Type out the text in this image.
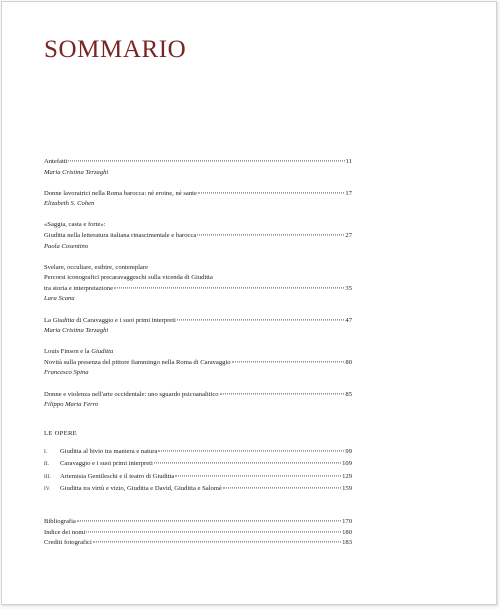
SOMMARIO
Antefatti	11
Maria Cristina Terzaghi
Donne lavoratrici nella Roma barocca: né eroine, né sante	17
Elizabeth S. Cohen
«Saggia, casta e forte»:
Giuditta nella letteratura italiana rinascimentale e barocca	27
Paola Cosentino
Svelare, occultare, esibire, contemplare
Percorsi iconografici precaravaggeschi sulla vicenda di Giuditta
tra storia e interpretazione	35
Lara Scanu
La Giuditta di Caravaggio e i suoi primi interpreti	47
Maria Cristina Terzaghi
Louis Finson e la Giuditta
Novità sulla presenza del pittore fiammingo nella Roma di Caravaggio	80
Francesco Spina
Donne e violenza nell'arte occidentale: uno sguardo psicoanalitico	85
Filippo Maria Ferro
LE OPERE
I. Giuditta al bivio tra maniera e natura	99
II. Caravaggio e i suoi primi interpreti	109
III. Artemisia Gentileschi e il teatro di Giuditta	129
IV. Giuditta tra virtù e vizio, Giuditta e David, Giuditta e Salomè	159
Bibliografia	170
Indice dei nomi	180
Crediti fotografici	183
